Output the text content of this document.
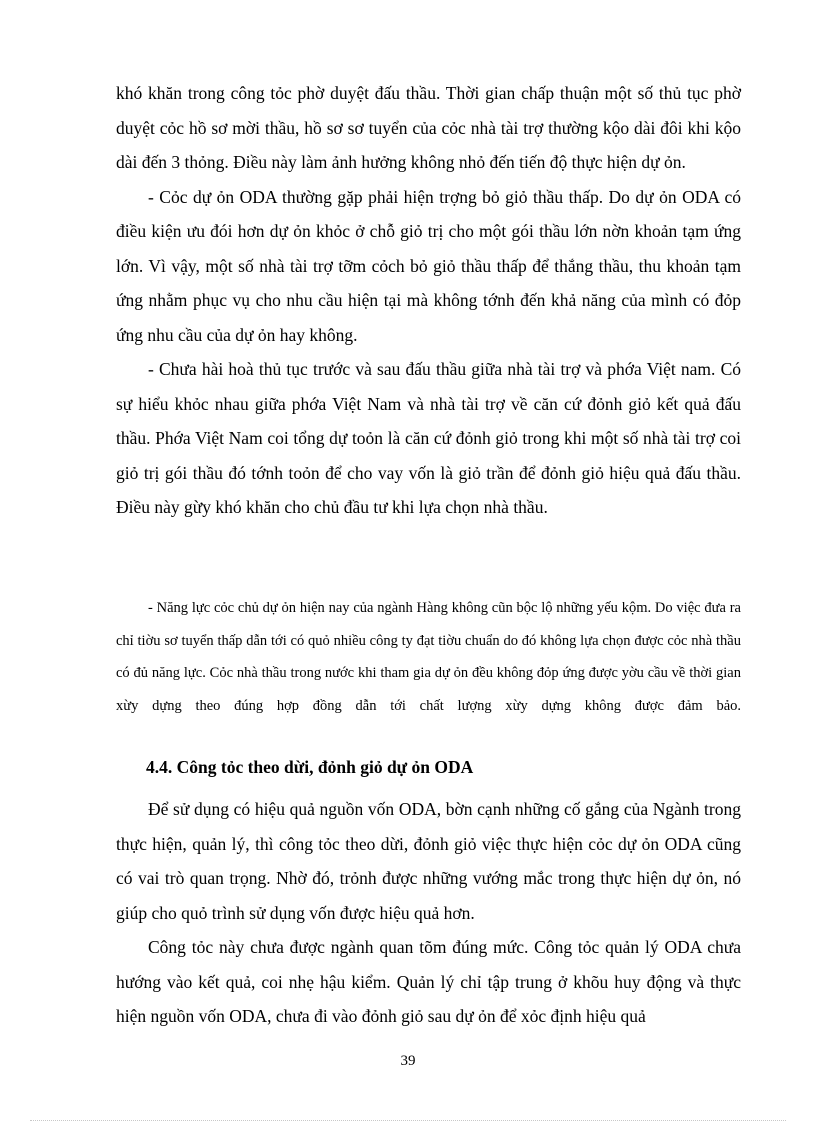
khó khăn trong công tỏc phờ duyệt đấu thầu. Thời gian chấp thuận một số thủ tục phờ duyệt cỏc hồ sơ mời thầu, hồ sơ sơ tuyển của cỏc nhà tài trợ thường kộo dài đôi khi kộo dài đến 3 thỏng. Điều này làm ảnh hưởng không nhỏ đến tiến độ thực hiện dự ỏn.

- Cỏc dự ỏn ODA thường gặp phải hiện trợng bỏ giỏ thầu thấp. Do dự ỏn ODA có điều kiện ưu đói hơn dự ỏn khỏc ở chỗ giỏ trị cho một gói thầu lớn nờn khoản tạm ứng lớn. Vì vậy, một số nhà tài trợ tỡm cỏch bỏ giỏ thầu thấp để thắng thầu, thu khoản tạm ứng nhằm phục vụ cho nhu cầu hiện tại mà không tớnh đến khả năng của mình có đỏp ứng nhu cầu của dự ỏn hay không.

- Chưa hài hoà thủ tục trước và sau đấu thầu giữa nhà tài trợ và phớa Việt nam. Có sự hiểu khỏc nhau giữa phớa Việt Nam và nhà tài trợ về căn cứ đỏnh giỏ kết quả đấu thầu. Phớa Việt Nam coi tổng dự toỏn là căn cứ đỏnh giỏ trong khi một số nhà tài trợ coi giỏ trị gói thầu đó tớnh toỏn để cho vay vốn là giỏ trần để đỏnh giỏ hiệu quả đấu thầu. Điều này gừy khó khăn cho chủ đầu tư khi lựa chọn nhà thầu.

- Năng lực cỏc chủ dự ỏn hiện nay của ngành Hàng không cũn bộc lộ những yếu kộm. Do việc đưa ra chỉ tiờu sơ tuyển thấp dẫn tới có quỏ nhiều công ty đạt tiờu chuẩn do đó không lựa chọn được cỏc nhà thầu có đủ năng lực. Cỏc nhà thầu trong nước khi tham gia dự ỏn đều không đỏp ứng được yờu cầu về thời gian xừy dựng theo đúng hợp đồng dẫn tới chất lượng xừy dựng không được đảm bảo.

4.4. Công tỏc theo dừi, đỏnh giỏ dự ỏn ODA

Để sử dụng có hiệu quả nguồn vốn ODA, bờn cạnh những cố gắng của Ngành trong thực hiện, quản lý, thì công tỏc theo dừi, đỏnh giỏ việc thực hiện cỏc dự ỏn ODA cũng có vai trò quan trọng. Nhờ đó, trỏnh được những vướng mắc trong thực hiện dự ỏn, nó giúp cho quỏ trình sử dụng vốn được hiệu quả hơn.

Công tỏc này chưa được ngành quan tõm đúng mức. Công tỏc quản lý ODA chưa hướng vào kết quả, coi nhẹ hậu kiểm. Quản lý chỉ tập trung ở khõu huy động và thực hiện nguồn vốn ODA, chưa đi vào đỏnh giỏ sau dự ỏn để xỏc định hiệu quả

39
